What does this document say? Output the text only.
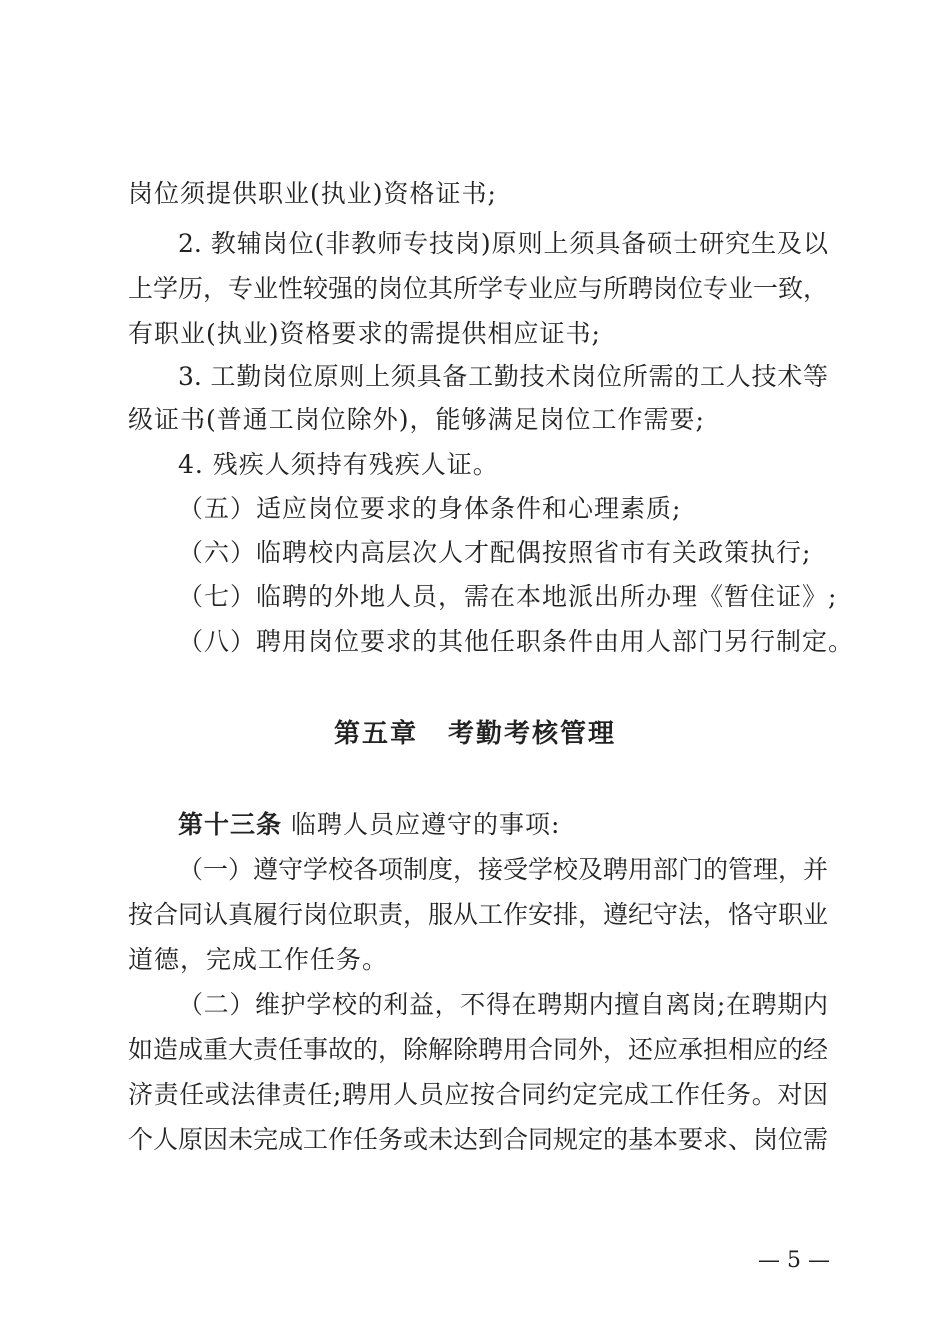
岗位须提供职业(执业)资格证书;
2. 教辅岗位(非教师专技岗)原则上须具备硕士研究生及以
上学历，专业性较强的岗位其所学专业应与所聘岗位专业一致，
有职业(执业)资格要求的需提供相应证书;
3. 工勤岗位原则上须具备工勤技术岗位所需的工人技术等
级证书(普通工岗位除外)，能够满足岗位工作需要;
4. 残疾人须持有残疾人证。
（五）适应岗位要求的身体条件和心理素质;
（六）临聘校内高层次人才配偶按照省市有关政策执行;
（七）临聘的外地人员，需在本地派出所办理《暂住证》;
（八）聘用岗位要求的其他任职条件由用人部门另行制定。
第五章 考勤考核管理
第十三条 临聘人员应遵守的事项:
（一）遵守学校各项制度，接受学校及聘用部门的管理，并
按合同认真履行岗位职责，服从工作安排，遵纪守法，恪守职业
道德，完成工作任务。
（二）维护学校的利益，不得在聘期内擅自离岗;在聘期内
如造成重大责任事故的，除解除聘用合同外，还应承担相应的经
济责任或法律责任;聘用人员应按合同约定完成工作任务。对因
个人原因未完成工作任务或未达到合同规定的基本要求、岗位需
— 5 —
